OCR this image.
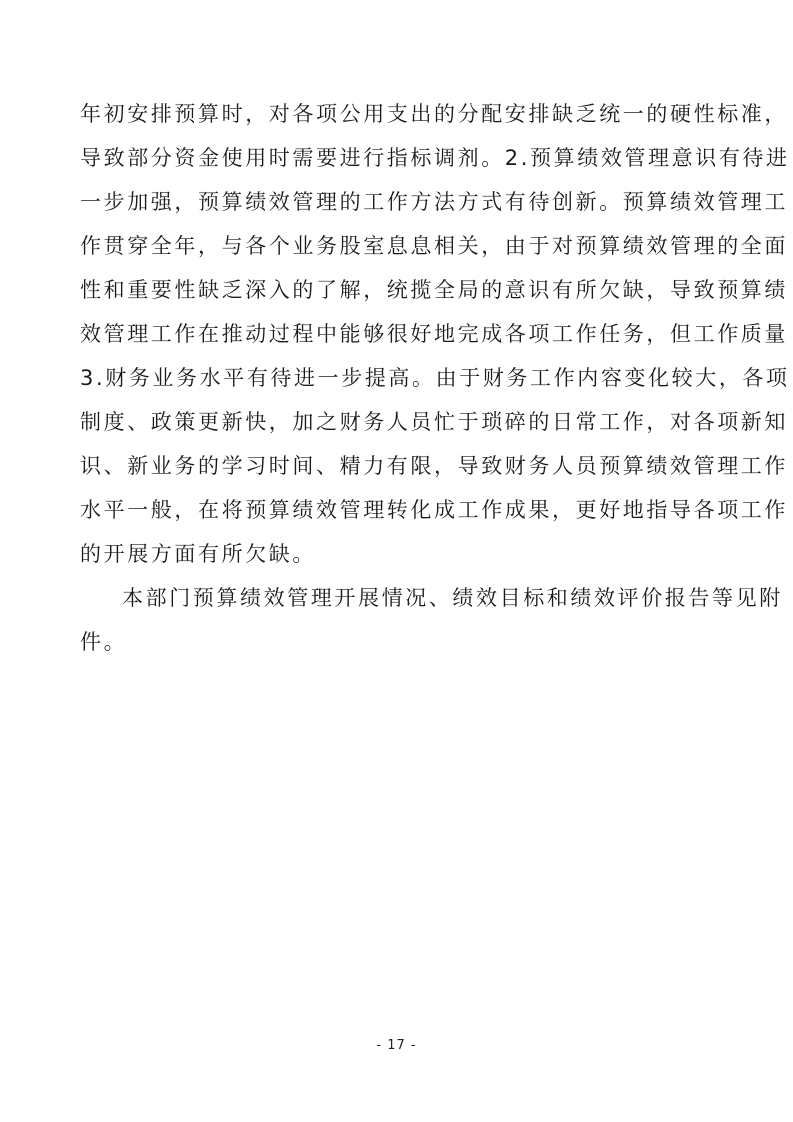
年初安排预算时，对各项公用支出的分配安排缺乏统一的硬性标准，
导致部分资金使用时需要进行指标调剂。2.预算绩效管理意识有待进
一步加强，预算绩效管理的工作方法方式有待创新。预算绩效管理工
作贯穿全年，与各个业务股室息息相关，由于对预算绩效管理的全面
性和重要性缺乏深入的了解，统揽全局的意识有所欠缺，导致预算绩
效管理工作在推动过程中能够很好地完成各项工作任务，但工作质量
3.财务业务水平有待进一步提高。由于财务工作内容变化较大，各项
制度、政策更新快，加之财务人员忙于琐碎的日常工作，对各项新知
识、新业务的学习时间、精力有限，导致财务人员预算绩效管理工作
水平一般，在将预算绩效管理转化成工作成果，更好地指导各项工作
的开展方面有所欠缺。
本部门预算绩效管理开展情况、绩效目标和绩效评价报告等见附
件。
- 17 -
